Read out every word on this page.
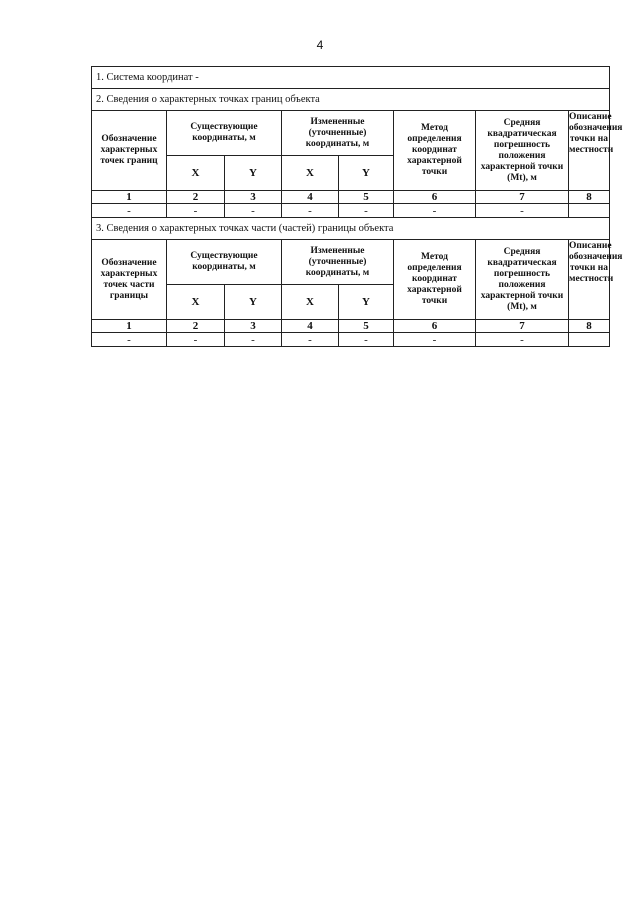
4
1. Система координат -							
2. Сведения о характерных точках границ объекта							
Обозначение характерных точек границ	Существующие координаты, м		Измененные (уточненные) координаты, м		Метод определения координат характерной точки	Средняя квадратическая погрешность положения характерной точки (Mt), м	Описание обозначения точки на местности

	X	Y	X	Y			
1	2	3	4	5	6	7	8
-	-	-	-	-	-	-	
3. Сведения о характерных точках части (частей) границы объекта							
Обозначение характерных точек части границы	Существующие координаты, м		Измененные (уточненные) координаты, м		Метод определения координат характерной точки	Средняя квадратическая погрешность положения характерной точки (Mt), м	Описание обозначения точки на местности

	X	Y	X	Y			
1	2	3	4	5	6	7	8
-	-	-	-	-	-	-	
